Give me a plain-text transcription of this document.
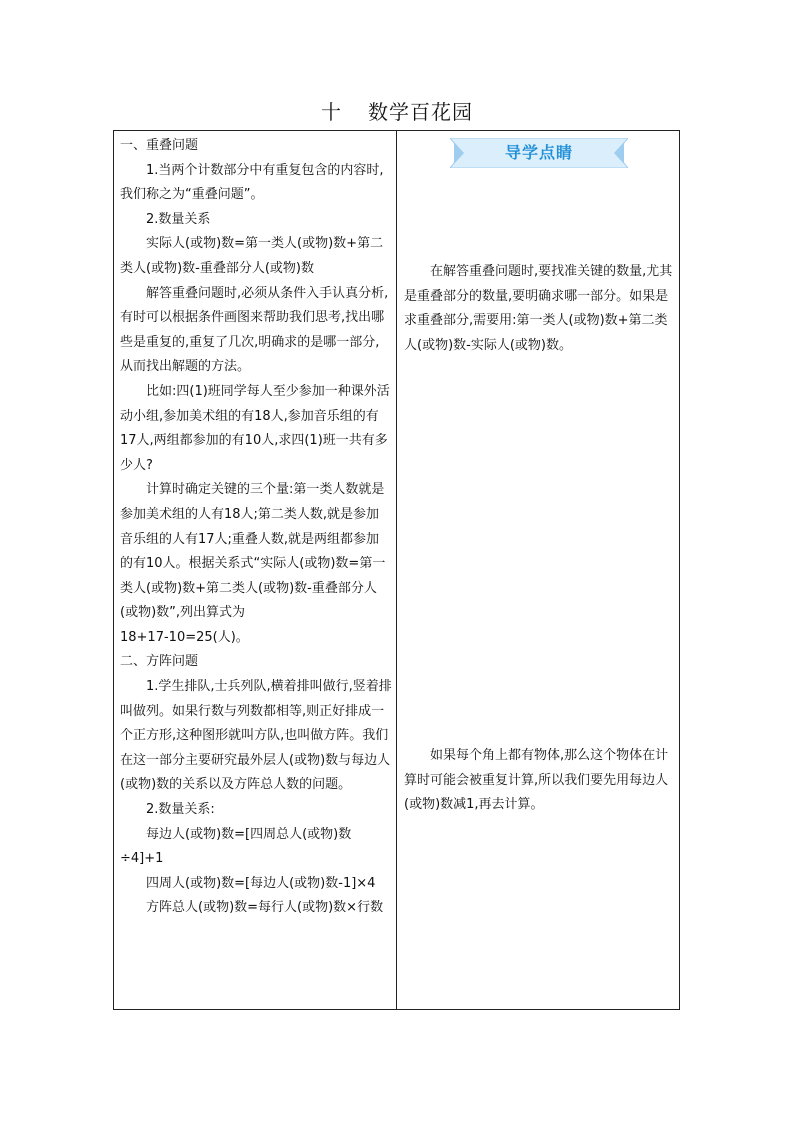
十 数学百花园

一、重叠问题

1.当两个计数部分中有重复包含的内容时,我们称之为“重叠问题”。

2.数量关系

实际人(或物)数=第一类人(或物)数+第二类人(或物)数-重叠部分人(或物)数

解答重叠问题时,必须从条件入手认真分析,有时可以根据条件画图来帮助我们思考,找出哪些是重复的,重复了几次,明确求的是哪一部分,从而找出解题的方法。

比如:四(1)班同学每人至少参加一种课外活动小组,参加美术组的有18人,参加音乐组的有17人,两组都参加的有10人,求四(1)班一共有多少人?

计算时确定关键的三个量:第一类人数就是参加美术组的人有18人;第二类人数,就是参加音乐组的人有17人;重叠人数,就是两组都参加的有10人。根据关系式“实际人(或物)数=第一类人(或物)数+第二类人(或物)数-重叠部分人(或物)数”,列出算式为

18+17-10=25(人)。

二、方阵问题

1.学生排队,士兵列队,横着排叫做行,竖着排叫做列。如果行数与列数都相等,则正好排成一个正方形,这种图形就叫方队,也叫做方阵。我们在这一部分主要研究最外层人(或物)数与每边人(或物)数的关系以及方阵总人数的问题。

2.数量关系:

每边人(或物)数=[四周总人(或物)数÷4]+1

四周人(或物)数=[每边人(或物)数-1]×4

方阵总人(或物)数=每行人(或物)数×行数

导学点睛

在解答重叠问题时,要找准关键的数量,尤其是重叠部分的数量,要明确求哪一部分。如果是求重叠部分,需要用:第一类人(或物)数+第二类人(或物)数-实际人(或物)数。

如果每个角上都有物体,那么这个物体在计算时可能会被重复计算,所以我们要先用每边人(或物)数减1,再去计算。
